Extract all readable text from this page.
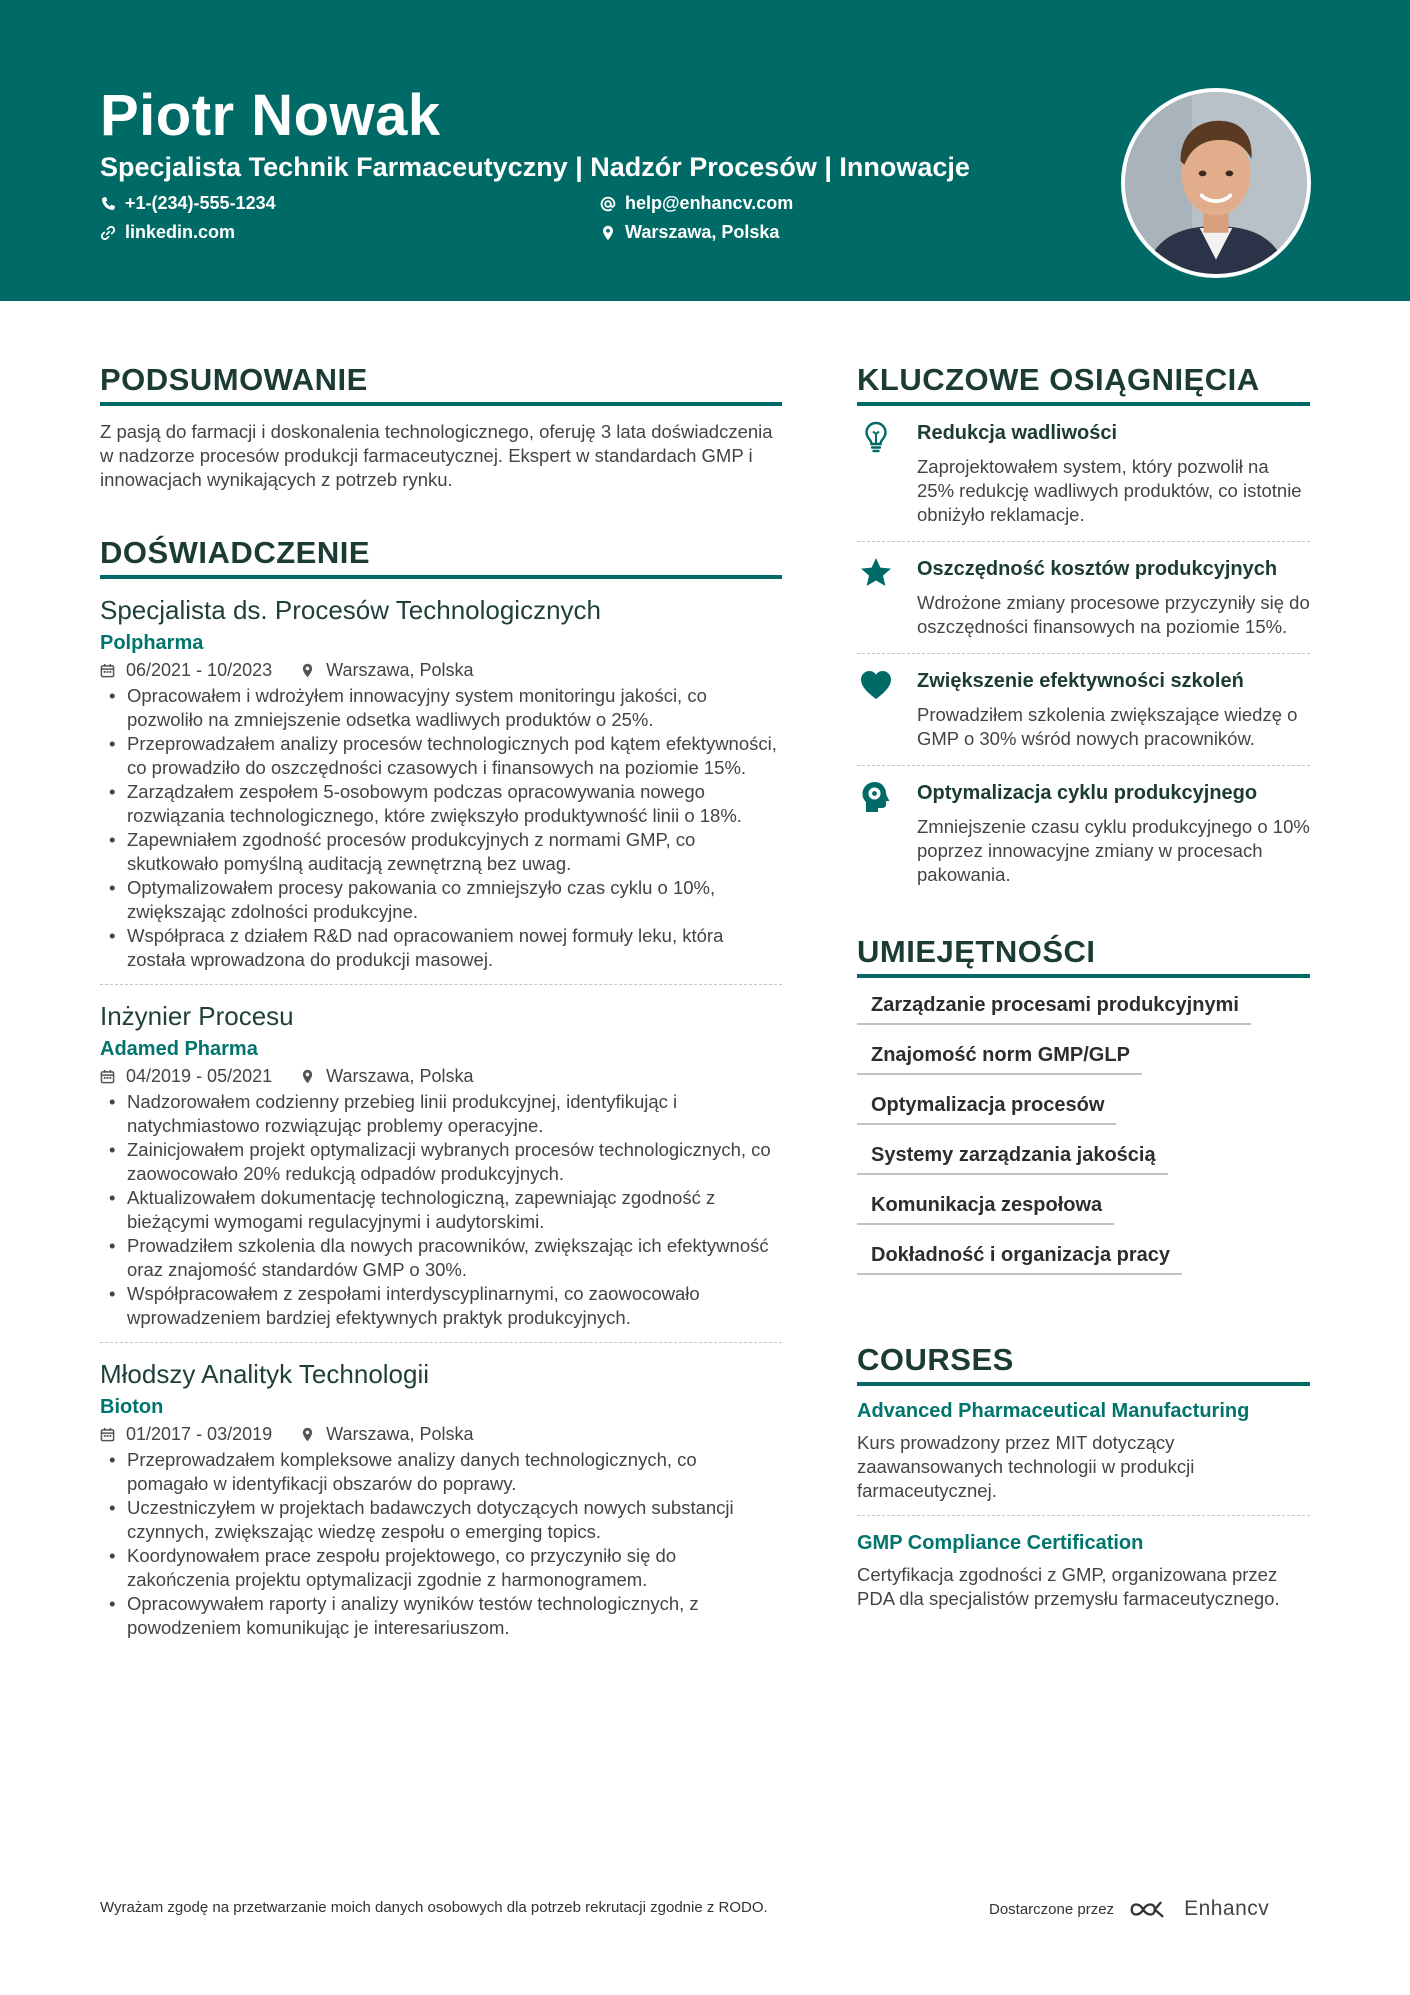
Piotr Nowak
Specjalista Technik Farmaceutyczny | Nadzór Procesów | Innowacje
+1-(234)-555-1234	help@enhancv.com
linkedin.com	Warszawa, Polska
PODSUMOWANIE

Z pasją do farmacji i doskonalenia technologicznego, oferuję 3 lata doświadczenia w nadzorze procesów produkcji farmaceutycznej. Ekspert w standardach GMP i innowacjach wynikających z potrzeb rynku.

DOŚWIADCZENIE
Specjalista ds. Procesów Technologicznych
Polpharma
06/2021 - 10/2023	Warszawa, Polska
• Opracowałem i wdrożyłem innowacyjny system monitoringu jakości, co pozwoliło na zmniejszenie odsetka wadliwych produktów o 25%.
• Przeprowadzałem analizy procesów technologicznych pod kątem efektywności, co prowadziło do oszczędności czasowych i finansowych na poziomie 15%.
• Zarządzałem zespołem 5-osobowym podczas opracowywania nowego rozwiązania technologicznego, które zwiększyło produktywność linii o 18%.
• Zapewniałem zgodność procesów produkcyjnych z normami GMP, co skutkowało pomyślną auditacją zewnętrzną bez uwag.
• Optymalizowałem procesy pakowania co zmniejszyło czas cyklu o 10%, zwiększając zdolności produkcyjne.
• Współpraca z działem R&D nad opracowaniem nowej formuły leku, która została wprowadzona do produkcji masowej.
Inżynier Procesu
Adamed Pharma
04/2019 - 05/2021	Warszawa, Polska
• Nadzorowałem codzienny przebieg linii produkcyjnej, identyfikując i natychmiastowo rozwiązując problemy operacyjne.
• Zainicjowałem projekt optymalizacji wybranych procesów technologicznych, co zaowocowało 20% redukcją odpadów produkcyjnych.
• Aktualizowałem dokumentację technologiczną, zapewniając zgodność z bieżącymi wymogami regulacyjnymi i audytorskimi.
• Prowadziłem szkolenia dla nowych pracowników, zwiększając ich efektywność oraz znajomość standardów GMP o 30%.
• Współpracowałem z zespołami interdyscyplinarnymi, co zaowocowało wprowadzeniem bardziej efektywnych praktyk produkcyjnych.
Młodszy Analityk Technologii
Bioton
01/2017 - 03/2019	Warszawa, Polska
• Przeprowadzałem kompleksowe analizy danych technologicznych, co pomagało w identyfikacji obszarów do poprawy.
• Uczestniczyłem w projektach badawczych dotyczących nowych substancji czynnych, zwiększając wiedzę zespołu o emerging topics.
• Koordynowałem prace zespołu projektowego, co przyczyniło się do zakończenia projektu optymalizacji zgodnie z harmonogramem.
• Opracowywałem raporty i analizy wyników testów technologicznych, z powodzeniem komunikując je interesariuszom.
KLUCZOWE OSIĄGNIĘCIA
Redukcja wadliwości

Zaprojektowałem system, który pozwolił na 25% redukcję wadliwych produktów, co istotnie obniżyło reklamacje.

Oszczędność kosztów produkcyjnych

Wdrożone zmiany procesowe przyczyniły się do oszczędności finansowych na poziomie 15%.

Zwiększenie efektywności szkoleń

Prowadziłem szkolenia zwiększające wiedzę o GMP o 30% wśród nowych pracowników.

Optymalizacja cyklu produkcyjnego

Zmniejszenie czasu cyklu produkcyjnego o 10% poprzez innowacyjne zmiany w procesach pakowania.

UMIEJĘTNOŚCI
Zarządzanie procesami produkcyjnymi
Znajomość norm GMP/GLP
Optymalizacja procesów
Systemy zarządzania jakością
Komunikacja zespołowa
Dokładność i organizacja pracy
COURSES
Advanced Pharmaceutical Manufacturing

Kurs prowadzony przez MIT dotyczący zaawansowanych technologii w produkcji farmaceutycznej.

GMP Compliance Certification

Certyfikacja zgodności z GMP, organizowana przez PDA dla specjalistów przemysłu farmaceutycznego.

Wyrażam zgodę na przetwarzanie moich danych osobowych dla potrzeb rekrutacji zgodnie z RODO.	Dostarczone przez	Enhancv
